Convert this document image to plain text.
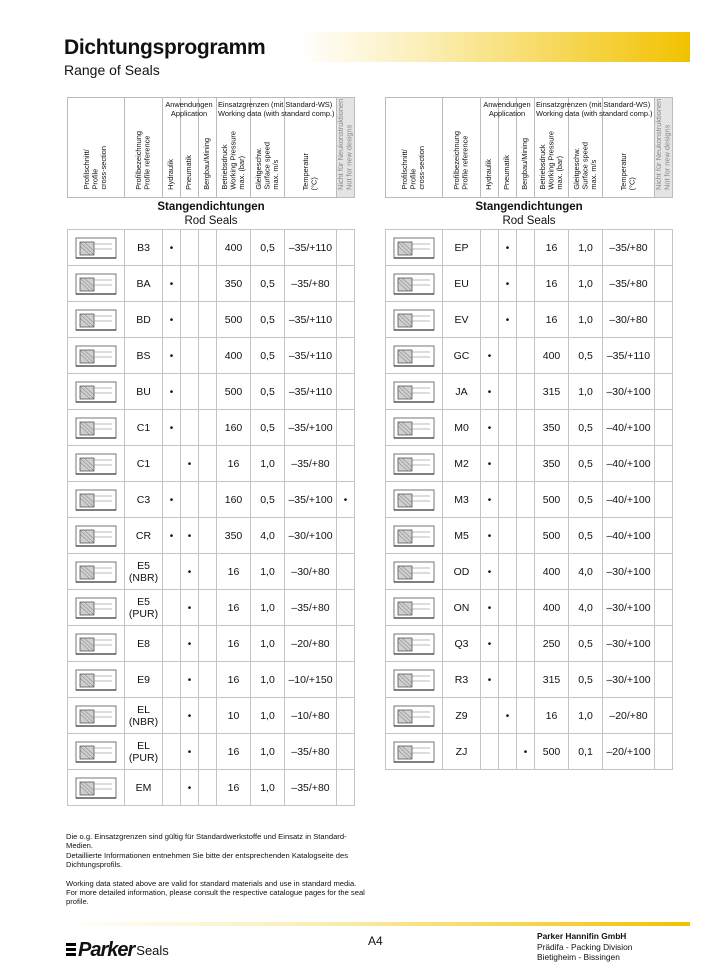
Dichtungsprogramm
Range of Seals
Profilschnitt/
Profile
cross-section	Profilbezeichnung
Profile reference	Hydraulik	Pneumatik	Bergbau/Mining	Betriebsdruck
Working Pressure
max. (bar)	Gleitgeschw.
Surface speed
max. m/s	Temperatur
(°C)	Nicht für Neukonstruktionen
Not for new designs

Stangendichtungen
Rod Seals								

	B3	•			400	0,5	–35/+110	

	BA	•			350	0,5	–35/+80	

	BD	•			500	0,5	–35/+110	

	BS	•			400	0,5	–35/+110	

	BU	•			500	0,5	–35/+110	

	C1	•			160	0,5	–35/+100	

	C1		•		16	1,0	–35/+80	

	C3	•			160	0,5	–35/+100	•

	CR	•	•		350	4,0	–30/+100	

	E5
(NBR)		•		16	1,0	–30/+80	

	E5
(PUR)		•		16	1,0	–35/+80	

	E8		•		16	1,0	–20/+80	

	E9		•		16	1,0	–10/+150	

	EL
(NBR)		•		10	1,0	–10/+80	

	EL
(PUR)		•		16	1,0	–35/+80	

	EM		•		16	1,0	–35/+80	
Anwendungen
Application
Einsatzgrenzen (mit Standard-WS)
Working data (with standard comp.)
Profilschnitt/
Profile
cross-section	Profilbezeichnung
Profile reference	Hydraulik	Pneumatik	Bergbau/Mining	Betriebsdruck
Working Pressure
max. (bar)	Gleitgeschw.
Surface speed
max. m/s	Temperatur
(°C)	Nicht für Neukonstruktionen
Not for new designs

Stangendichtungen
Rod Seals								

	EP		•		16	1,0	–35/+80	

	EU		•		16	1,0	–35/+80	

	EV		•		16	1,0	–30/+80	

	GC	•			400	0,5	–35/+110	

	JA	•			315	1,0	–30/+100	

	M0	•			350	0,5	–40/+100	

	M2	•			350	0,5	–40/+100	

	M3	•			500	0,5	–40/+100	

	M5	•			500	0,5	–40/+100	

	OD	•			400	4,0	–30/+100	

	ON	•			400	4,0	–30/+100	

	Q3	•			250	0,5	–30/+100	

	R3	•			315	0,5	–30/+100	

	Z9		•		16	1,0	–20/+80	

	ZJ			•	500	0,1	–20/+100	
Anwendungen
Application
Einsatzgrenzen (mit Standard-WS)
Working data (with standard comp.)

Die o.g. Einsatzgrenzen sind gültig für Standardwerkstoffe und Einsatz in Standard-Medien.
Detaillierte Informationen entnehmen Sie bitte der entsprechenden Katalogseite des Dichtungsprofils.

Working data stated above are valid for standard materials and use in standard media.
For more detailed information, please consult the respective catalogue pages for the seal profile.

Parker Seals
A4	Parker Hannifin GmbH
Prädifa - Packing Division
Bietigheim - Bissingen
